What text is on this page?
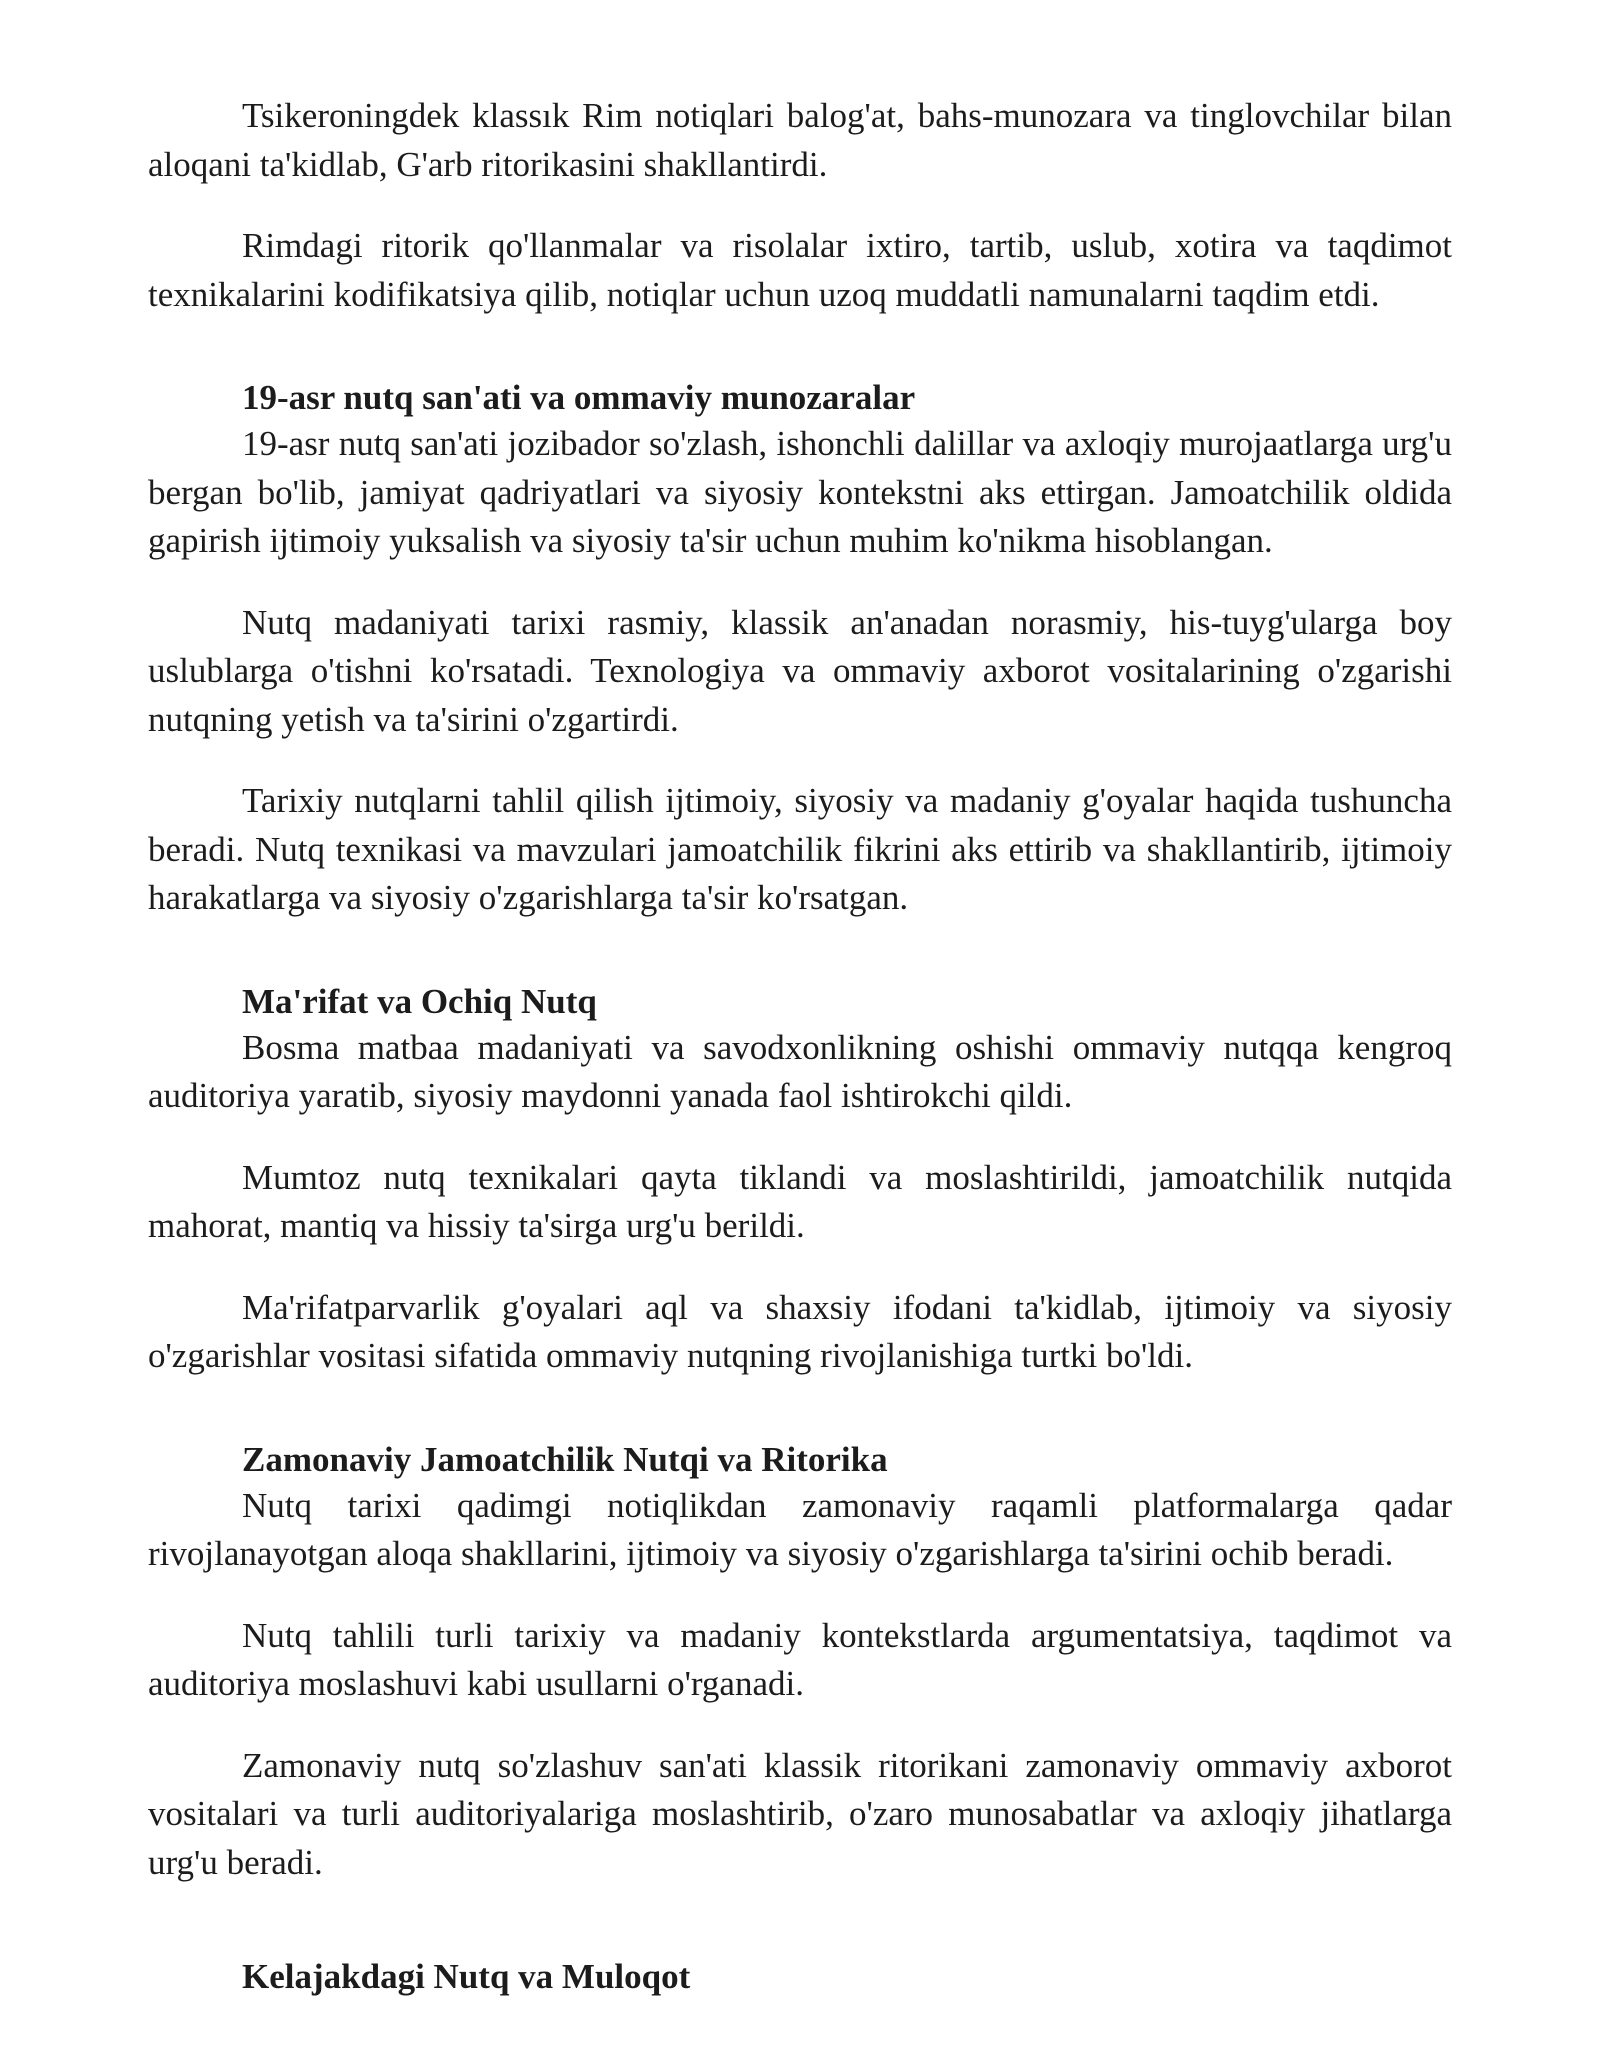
Tsikeroningdek klassık Rim notiqlari balog'at, bahs-munozara va tinglovchilar bilan aloqani ta'kidlab, G'arb ritorikasini shakllantirdi.

Rimdagi ritorik qo'llanmalar va risolalar ixtiro, tartib, uslub, xotira va taqdimot texnikalarini kodifikatsiya qilib, notiqlar uchun uzoq muddatli namunalarni taqdim etdi.

19-asr nutq san'ati va ommaviy munozaralar

19-asr nutq san'ati jozibador so'zlash, ishonchli dalillar va axloqiy murojaatlarga urg'u bergan bo'lib, jamiyat qadriyatlari va siyosiy kontekstni aks ettirgan. Jamoatchilik oldida gapirish ijtimoiy yuksalish va siyosiy ta'sir uchun muhim ko'nikma hisoblangan.

Nutq madaniyati tarixi rasmiy, klassik an'anadan norasmiy, his-tuyg'ularga boy uslublarga o'tishni ko'rsatadi. Texnologiya va ommaviy axborot vositalarining o'zgarishi nutqning yetish va ta'sirini o'zgartirdi.

Tarixiy nutqlarni tahlil qilish ijtimoiy, siyosiy va madaniy g'oyalar haqida tushuncha beradi. Nutq texnikasi va mavzulari jamoatchilik fikrini aks ettirib va shakllantirib, ijtimoiy harakatlarga va siyosiy o'zgarishlarga ta'sir ko'rsatgan.

Ma'rifat va Ochiq Nutq

Bosma matbaa madaniyati va savodxonlikning oshishi ommaviy nutqqa kengroq auditoriya yaratib, siyosiy maydonni yanada faol ishtirokchi qildi.

Mumtoz nutq texnikalari qayta tiklandi va moslashtirildi, jamoatchilik nutqida mahorat, mantiq va hissiy ta'sirga urg'u berildi.

Ma'rifatparvarlik g'oyalari aql va shaxsiy ifodani ta'kidlab, ijtimoiy va siyosiy o'zgarishlar vositasi sifatida ommaviy nutqning rivojlanishiga turtki bo'ldi.

Zamonaviy Jamoatchilik Nutqi va Ritorika

Nutq tarixi qadimgi notiqlikdan zamonaviy raqamli platformalarga qadar rivojlanayotgan aloqa shakllarini, ijtimoiy va siyosiy o'zgarishlarga ta'sirini ochib beradi.

Nutq tahlili turli tarixiy va madaniy kontekstlarda argumentatsiya, taqdimot va auditoriya moslashuvi kabi usullarni o'rganadi.

Zamonaviy nutq so'zlashuv san'ati klassik ritorikani zamonaviy ommaviy axborot vositalari va turli auditoriyalariga moslashtirib, o'zaro munosabatlar va axloqiy jihatlarga urg'u beradi.

Kelajakdagi Nutq va Muloqot
